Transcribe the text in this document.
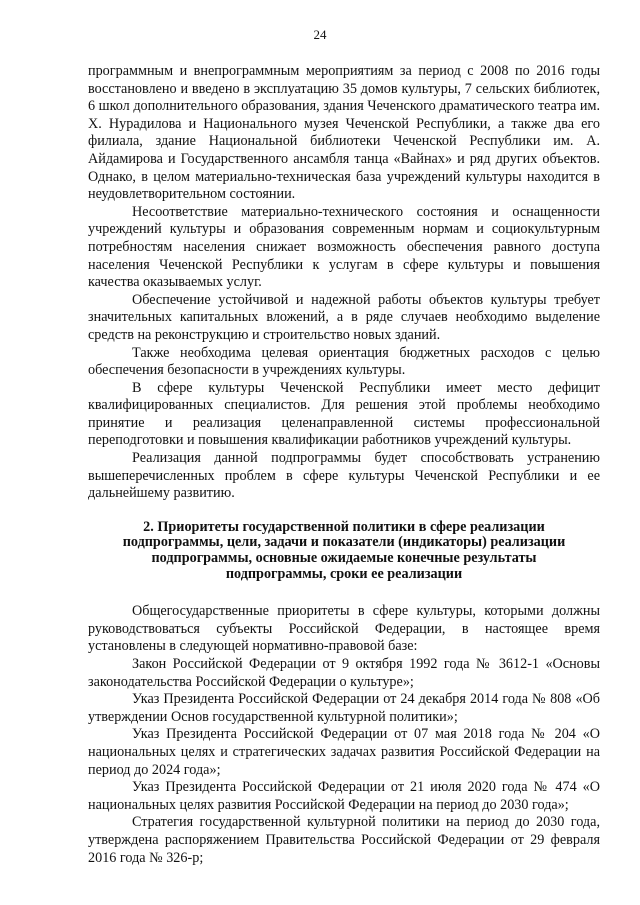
24

программным и внепрограммным мероприятиям за период с 2008 по 2016 годы восстановлено и введено в эксплуатацию 35 домов культуры, 7 сельских библиотек, 6 школ дополнительного образования, здания Чеченского драматического театра им. Х. Нурадилова и Национального музея Чеченской Республики, а также два его филиала, здание Национальной библиотеки Чеченской Республики им. А. Айдамирова и Государственного ансамбля танца «Вайнах» и ряд других объектов. Однако, в целом материально-техническая база учреждений культуры находится в неудовлетворительном состоянии.

Несоответствие материально-технического состояния и оснащенности учреждений культуры и образования современным нормам и социокультурным потребностям населения снижает возможность обеспечения равного доступа населения Чеченской Республики к услугам в сфере культуры и повышения качества оказываемых услуг.

Обеспечение устойчивой и надежной работы объектов культуры требует значительных капитальных вложений, а в ряде случаев необходимо выделение средств на реконструкцию и строительство новых зданий.

Также необходима целевая ориентация бюджетных расходов с целью обеспечения безопасности в учреждениях культуры.

В сфере культуры Чеченской Республики имеет место дефицит квалифицированных специалистов. Для решения этой проблемы необходимо принятие и реализация целенаправленной системы профессиональной переподготовки и повышения квалификации работников учреждений культуры.

Реализация данной подпрограммы будет способствовать устранению вышеперечисленных проблем в сфере культуры Чеченской Республики и ее дальнейшему развитию.

2. Приоритеты государственной политики в сфере реализации подпрограммы, цели, задачи и показатели (индикаторы) реализации подпрограммы, основные ожидаемые конечные результаты подпрограммы, сроки ее реализации

Общегосударственные приоритеты в сфере культуры, которыми должны руководствоваться субъекты Российской Федерации, в настоящее время установлены в следующей нормативно-правовой базе:

Закон Российской Федерации от 9 октября 1992 года № 3612-1 «Основы законодательства Российской Федерации о культуре»;

Указ Президента Российской Федерации от 24 декабря 2014 года № 808 «Об утверждении Основ государственной культурной политики»;

Указ Президента Российской Федерации от 07 мая 2018 года № 204 «О национальных целях и стратегических задачах развития Российской Федерации на период до 2024 года»;

Указ Президента Российской Федерации от 21 июля 2020 года № 474 «О национальных целях развития Российской Федерации на период до 2030 года»;

Стратегия государственной культурной политики на период до 2030 года, утверждена распоряжением Правительства Российской Федерации от 29 февраля 2016 года № 326-р;
